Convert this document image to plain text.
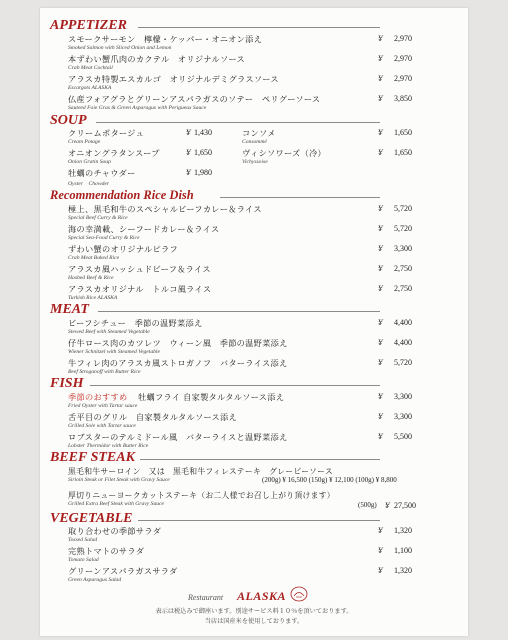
APPETIZER
スモークサーモン　檸檬・ケッパー・オニオン添え
Smoked Salmon with Sliced Onion and Lemon
¥ 2,970
本ずわい蟹爪肉のカクテル　オリジナルソース
Crab Meat Cocktail
¥ 2,970
アラスカ特製エスカルゴ　オリジナルデミグラスソース
Escargots ALASKA
¥ 2,970
仏産フォアグラとグリーンアスパラガスのソテー　ペリグーソース
Sauteed Foie Gras & Green Asparagus with Perigueux Sauce
¥ 3,850
SOUP
クリームポタージュ
Cream Potage
¥ 1,430	コンソメ
Consommé
¥ 1,650
オニオングラタンスープ
Onion Gratin Soup
¥ 1,650	ヴィシソワーズ（冷）
Vichyssoise
¥ 1,650
牡蠣のチャウダー
Oyster　Chowder
¥ 1,980
Recommendation Rice Dish
極上、黒毛和牛のスペシャルビーフカレー＆ライス
Special Beef Curry & Rice
¥ 5,720
海の幸満載、シーフードカレー＆ライス
Special Sea-Food Curry & Rice
¥ 5,720
ずわい蟹のオリジナルピラフ
Crab Meat Baked Rice
¥ 3,300
アラスカ風ハッシュドビーフ＆ライス
Hashed Beef & Rice
¥ 2,750
アラスカオリジナル　トルコ風ライス
Turkish Rice ALASKA
¥ 2,750
MEAT
ビーフシチュー　季節の温野菜添え
Stewed Beef with Steamed Vegetable
¥ 4,400
仔牛ロース肉のカツレツ　ウィーン風　季節の温野菜添え
Wiener Schnitzel with Steamed Vegetable
¥ 4,400
牛フィレ肉のアラスカ風ストロガノフ　バターライス添え
Beef Stroganoff with Butter Rice
¥ 5,720
FISH
季節のおすすめ 牡蠣フライ 自家製タルタルソース添え
Fried Oyster with Tartar sauce
¥ 3,300
舌平目のグリル　自家製タルタルソース添え
Grilled Sole with Tartar sauce
¥ 3,300
ロブスターのテルミドール風　バターライスと温野菜添え
Lobster Thermidor with Butter Rice
¥ 5,500
BEEF STEAK
黒毛和牛サーロイン　又は　黒毛和牛フィレステーキ　グレービーソース
Sirloin Steak or Filet Steak with Gravy Sauce	(200g) ¥ 16,500 (150g) ¥ 12,100 (100g) ¥ 8,800
厚切りニューヨークカットステーキ（お二人様でお召し上がり頂けます）
Grilled Extra Beef Steak with Gravy Sauce	(500g) ¥ 27,500
VEGETABLE
取り合わせの季節サラダ
Tossed Salad
¥ 1,320
完熟トマトのサラダ
Tomato Salad
¥ 1,100
グリーンアスパラガスサラダ
Green Asparagus Salad
¥ 1,320
Restaurant ALASKA
表示は税込みで御座います。別途サービス料１０％を頂いております。
当店は国産米を使用しております。
